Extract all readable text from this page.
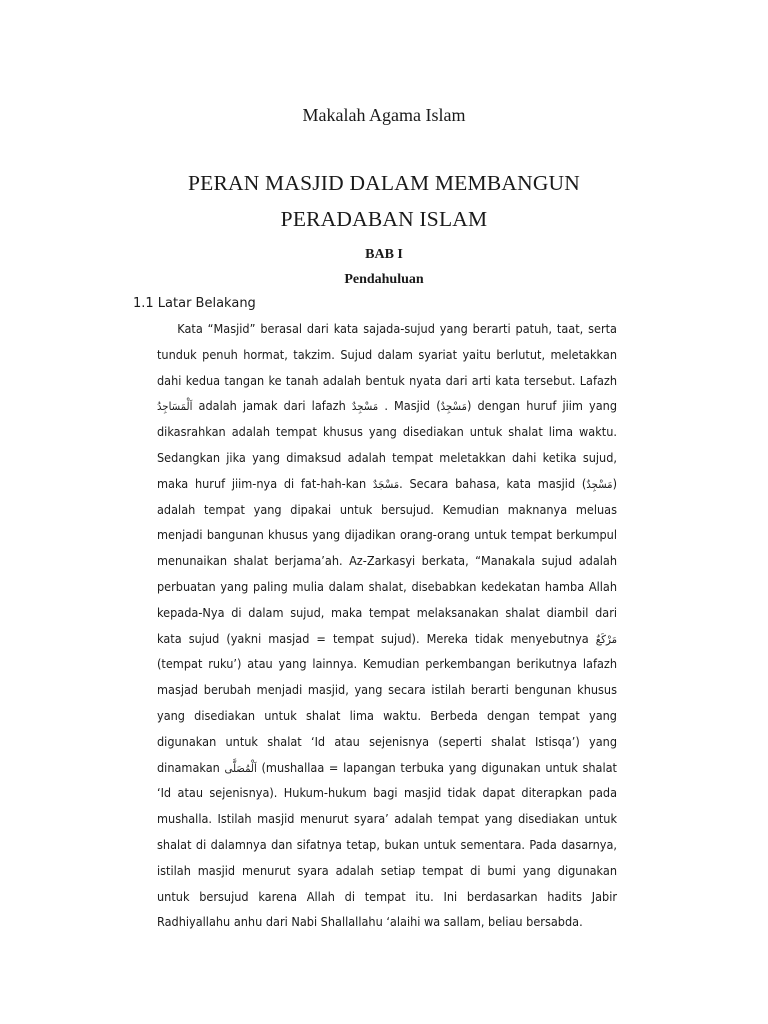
Makalah Agama Islam
PERAN MASJID DALAM MEMBANGUN
PERADABAN ISLAM
BAB I
Pendahuluan
1.1 Latar Belakang

Kata “Masjid” berasal dari kata sajada-sujud yang berarti patuh, taat, serta tunduk penuh hormat, takzim. Sujud dalam syariat yaitu berlutut, meletakkan dahi kedua tangan ke tanah adalah bentuk nyata dari arti kata tersebut. Lafazh اَلْمَسَاجِدُ adalah jamak dari lafazh مَسْجِدٌ . Masjid (مَسْجِدٌ) dengan huruf jiim yang dikasrahkan adalah tempat khusus yang disediakan untuk shalat lima waktu. Sedangkan jika yang dimaksud adalah tempat meletakkan dahi ketika sujud, maka huruf jiim-nya di fat-hah-kan مَسْجَدٌ. Secara bahasa, kata masjid (مَسْجِدٌ) adalah tempat yang dipakai untuk bersujud. Kemudian maknanya meluas menjadi bangunan khusus yang dijadikan orang-orang untuk tempat berkumpul menunaikan shalat berjama’ah. Az-Zarkasyi berkata, “Manakala sujud adalah perbuatan yang paling mulia dalam shalat, disebabkan kedekatan hamba Allah kepada-Nya di dalam sujud, maka tempat melaksanakan shalat diambil dari kata sujud (yakni masjad = tempat sujud). Mereka tidak menyebutnya مَرْكَعٌ (tempat ruku’) atau yang lainnya. Kemudian perkembangan berikutnya lafazh masjad berubah menjadi masjid, yang secara istilah berarti bengunan khusus yang disediakan untuk shalat lima waktu. Berbeda dengan tempat yang digunakan untuk shalat ‘Id atau sejenisnya (seperti shalat Istisqa’) yang dinamakan اَلْمُصَلَّى (mushallaa = lapangan terbuka yang digunakan untuk shalat ‘Id atau sejenisnya). Hukum-hukum bagi masjid tidak dapat diterapkan pada mushalla. Istilah masjid menurut syara’ adalah tempat yang disediakan untuk shalat di dalamnya dan sifatnya tetap, bukan untuk sementara. Pada dasarnya, istilah masjid menurut syara adalah setiap tempat di bumi yang digunakan untuk bersujud karena Allah di tempat itu. Ini berdasarkan hadits Jabir Radhiyallahu anhu dari Nabi Shallallahu ‘alaihi wa sallam, beliau bersabda.
